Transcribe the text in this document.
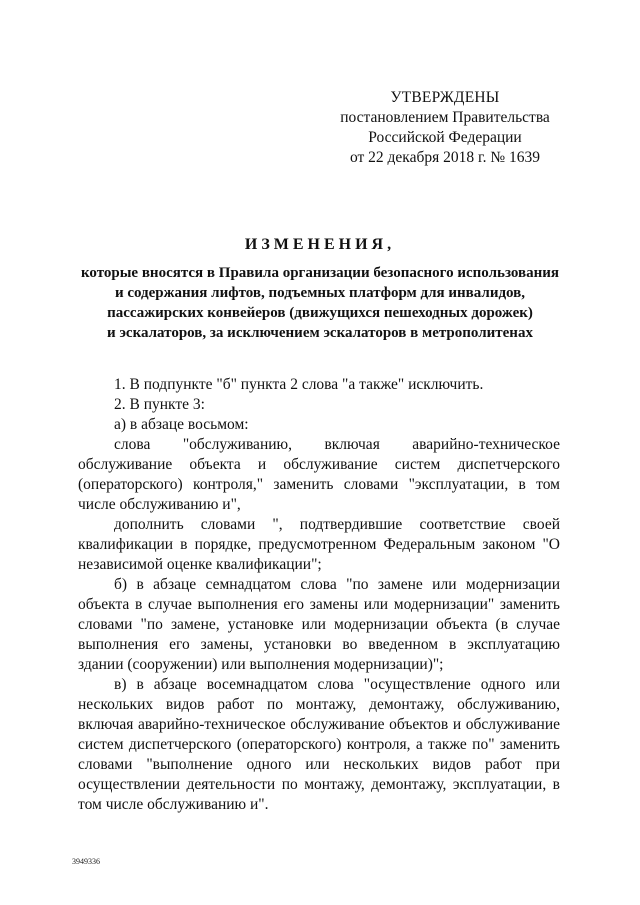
УТВЕРЖДЕНЫ
постановлением Правительства
Российской Федерации
от 22 декабря 2018 г. № 1639
ИЗМЕНЕНИЯ,
которые вносятся в Правила организации безопасного использования
и содержания лифтов, подъемных платформ для инвалидов,
пассажирских конвейеров (движущихся пешеходных дорожек)
и эскалаторов, за исключением эскалаторов в метрополитенах

1. В подпункте "б" пункта 2 слова "а также" исключить.

2. В пункте 3:

а) в абзаце восьмом:

слова "обслуживанию, включая аварийно-техническое обслуживание объекта и обслуживание систем диспетчерского (операторского) контроля," заменить словами "эксплуатации, в том числе обслуживанию и",

дополнить словами ", подтвердившие соответствие своей

квалификации в порядке, предусмотренном Федеральным законом "О независимой оценке квалификации";

б) в абзаце семнадцатом слова "по замене или модернизации объекта в случае выполнения его замены или модернизации" заменить словами "по замене, установке или модернизации объекта (в случае выполнения его замены, установки во введенном в эксплуатацию здании (сооружении) или выполнения модернизации)";

в) в абзаце восемнадцатом слова "осуществление одного или нескольких видов работ по монтажу, демонтажу, обслуживанию, включая аварийно-техническое обслуживание объектов и обслуживание систем диспетчерского (операторского) контроля, а также по" заменить словами "выполнение одного или нескольких видов работ при осуществлении деятельности по монтажу, демонтажу, эксплуатации, в том числе обслуживанию и".

3949336
